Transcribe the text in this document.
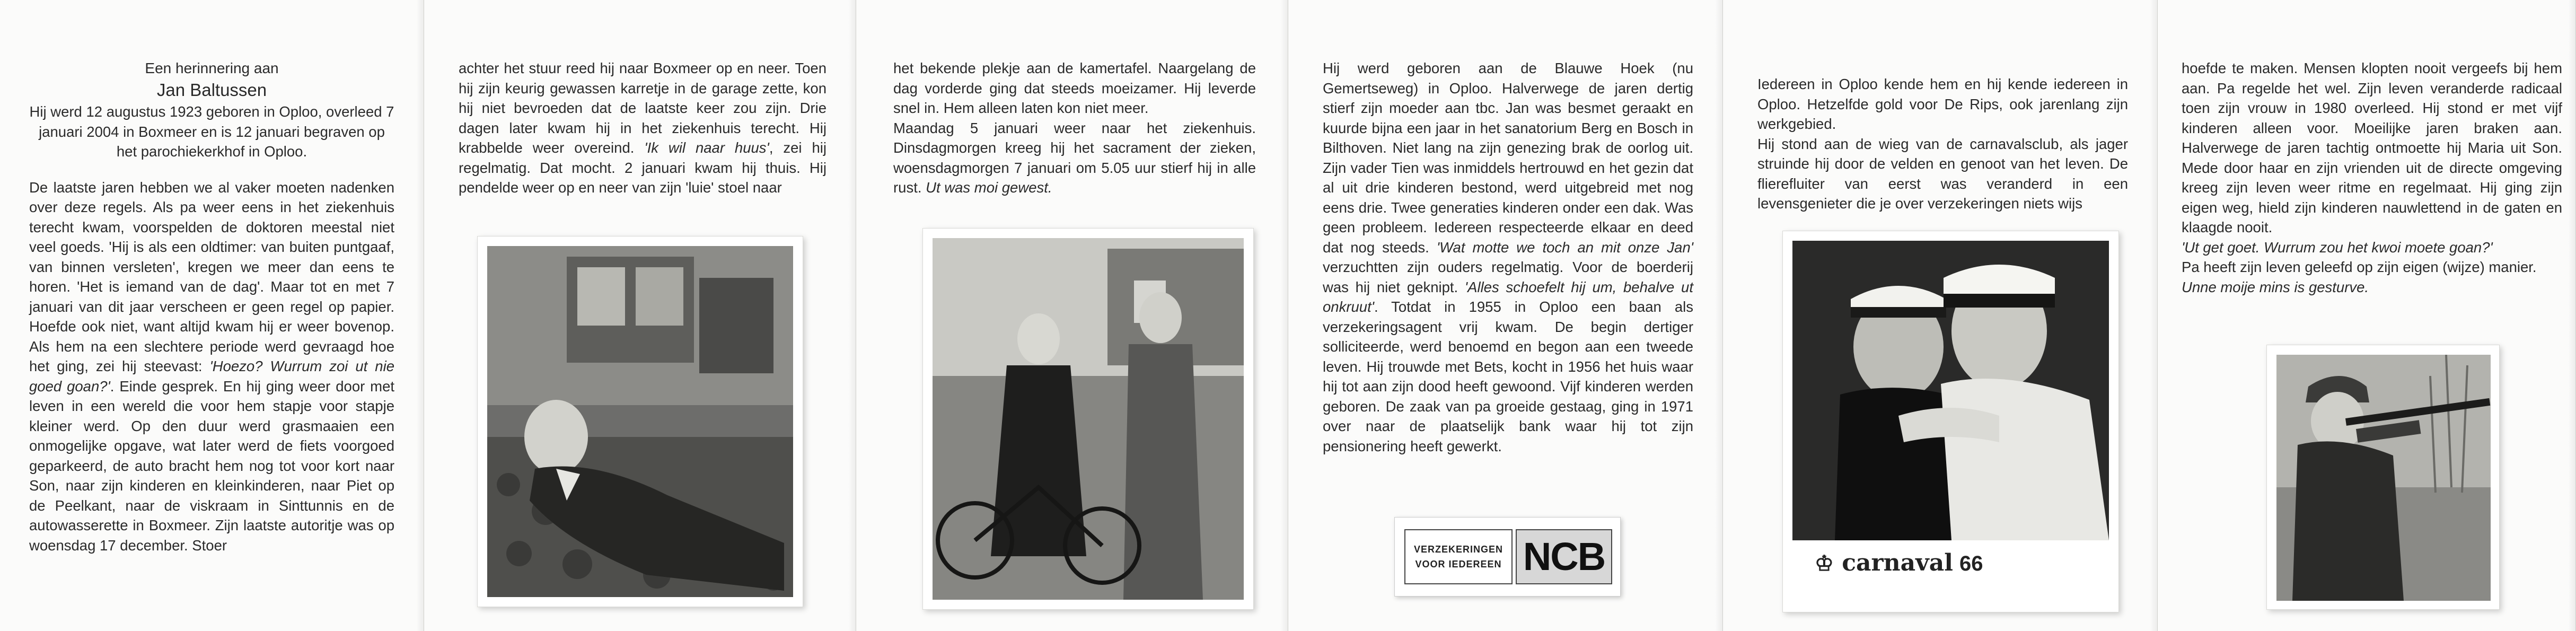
Een herinnering aan

Jan Baltussen

Hij werd 12 augustus 1923 geboren in Oploo, overleed 7 januari 2004 in Boxmeer en is 12 januari begraven op het parochiekerkhof in Oploo.

De laatste jaren hebben we al vaker moeten nadenken over deze regels. Als pa weer eens in het ziekenhuis terecht kwam, voorspelden de doktoren meestal niet veel goeds. 'Hij is als een oldtimer: van buiten puntgaaf, van binnen versleten', kregen we meer dan eens te horen. 'Het is iemand van de dag'. Maar tot en met 7 januari van dit jaar verscheen er geen regel op papier. Hoefde ook niet, want altijd kwam hij er weer bovenop. Als hem na een slechtere periode werd gevraagd hoe het ging, zei hij steevast: 'Hoezo? Wurrum zoi ut nie goed goan?'. Einde gesprek. En hij ging weer door met leven in een wereld die voor hem stapje voor stapje kleiner werd. Op den duur werd grasmaaien een onmogelijke opgave, wat later werd de fiets voorgoed geparkeerd, de auto bracht hem nog tot voor kort naar Son, naar zijn kinderen en kleinkinderen, naar Piet op de Peelkant, naar de viskraam in Sinttunnis en de autowasserette in Boxmeer. Zijn laatste autoritje was op woensdag 17 december. Stoer

achter het stuur reed hij naar Boxmeer op en neer. Toen hij zijn keurig gewassen karretje in de garage zette, kon hij niet bevroeden dat de laatste keer zou zijn. Drie dagen later kwam hij in het ziekenhuis terecht. Hij krabbelde weer overeind. 'Ik wil naar huus', zei hij regelmatig. Dat mocht. 2 januari kwam hij thuis. Hij pendelde weer op en neer van zijn 'luie' stoel naar

het bekende plekje aan de kamertafel. Naargelang de dag vorderde ging dat steeds moeizamer. Hij leverde snel in. Hem alleen laten kon niet meer.

Maandag 5 januari weer naar het ziekenhuis. Dinsdagmorgen kreeg hij het sacrament der zieken, woensdagmorgen 7 januari om 5.05 uur stierf hij in alle rust. Ut was moi gewest.

Hij werd geboren aan de Blauwe Hoek (nu Gemertseweg) in Oploo. Halverwege de jaren dertig stierf zijn moeder aan tbc. Jan was besmet geraakt en kuurde bijna een jaar in het sanatorium Berg en Bosch in Bilthoven. Niet lang na zijn genezing brak de oorlog uit. Zijn vader Tien was inmiddels hertrouwd en het gezin dat al uit drie kinderen bestond, werd uitgebreid met nog eens drie. Twee generaties kinderen onder een dak. Was geen probleem. Iedereen respecteerde elkaar en deed dat nog steeds. 'Wat motte we toch an mit onze Jan' verzuchtten zijn ouders regelmatig. Voor de boerderij was hij niet geknipt. 'Alles schoefelt hij um, behalve ut onkruut'. Totdat in 1955 in Oploo een baan als verzekeringsagent vrij kwam. De begin dertiger solliciteerde, werd benoemd en begon aan een tweede leven. Hij trouwde met Bets, kocht in 1956 het huis waar hij tot aan zijn dood heeft gewoond. Vijf kinderen werden geboren. De zaak van pa groeide gestaag, ging in 1971 over naar de plaatselijk bank waar hij tot zijn pensionering heeft gewerkt.

VERZEKERINGEN
VOOR IEDEREEN NCB

Iedereen in Oploo kende hem en hij kende iedereen in Oploo. Hetzelfde gold voor De Rips, ook jarenlang zijn werkgebied.

Hij stond aan de wieg van de carnavalsclub, als jager struinde hij door de velden en genoot van het leven. De flierefluiter van eerst was veranderd in een levensgenieter die je over verzekeringen niets wijs

♔ carnaval 66

hoefde te maken. Mensen klopten nooit vergeefs bij hem aan. Pa regelde het wel. Zijn leven veranderde radicaal toen zijn vrouw in 1980 overleed. Hij stond er met vijf kinderen alleen voor. Moeilijke jaren braken aan. Halverwege de jaren tachtig ontmoette hij Maria uit Son. Mede door haar en zijn vrienden uit de directe omgeving kreeg zijn leven weer ritme en regelmaat. Hij ging zijn eigen weg, hield zijn kinderen nauwlettend in de gaten en klaagde nooit.

'Ut get goet. Wurrum zou het kwoi moete goan?'

Pa heeft zijn leven geleefd op zijn eigen (wijze) manier.

Unne moije mins is gesturve.
